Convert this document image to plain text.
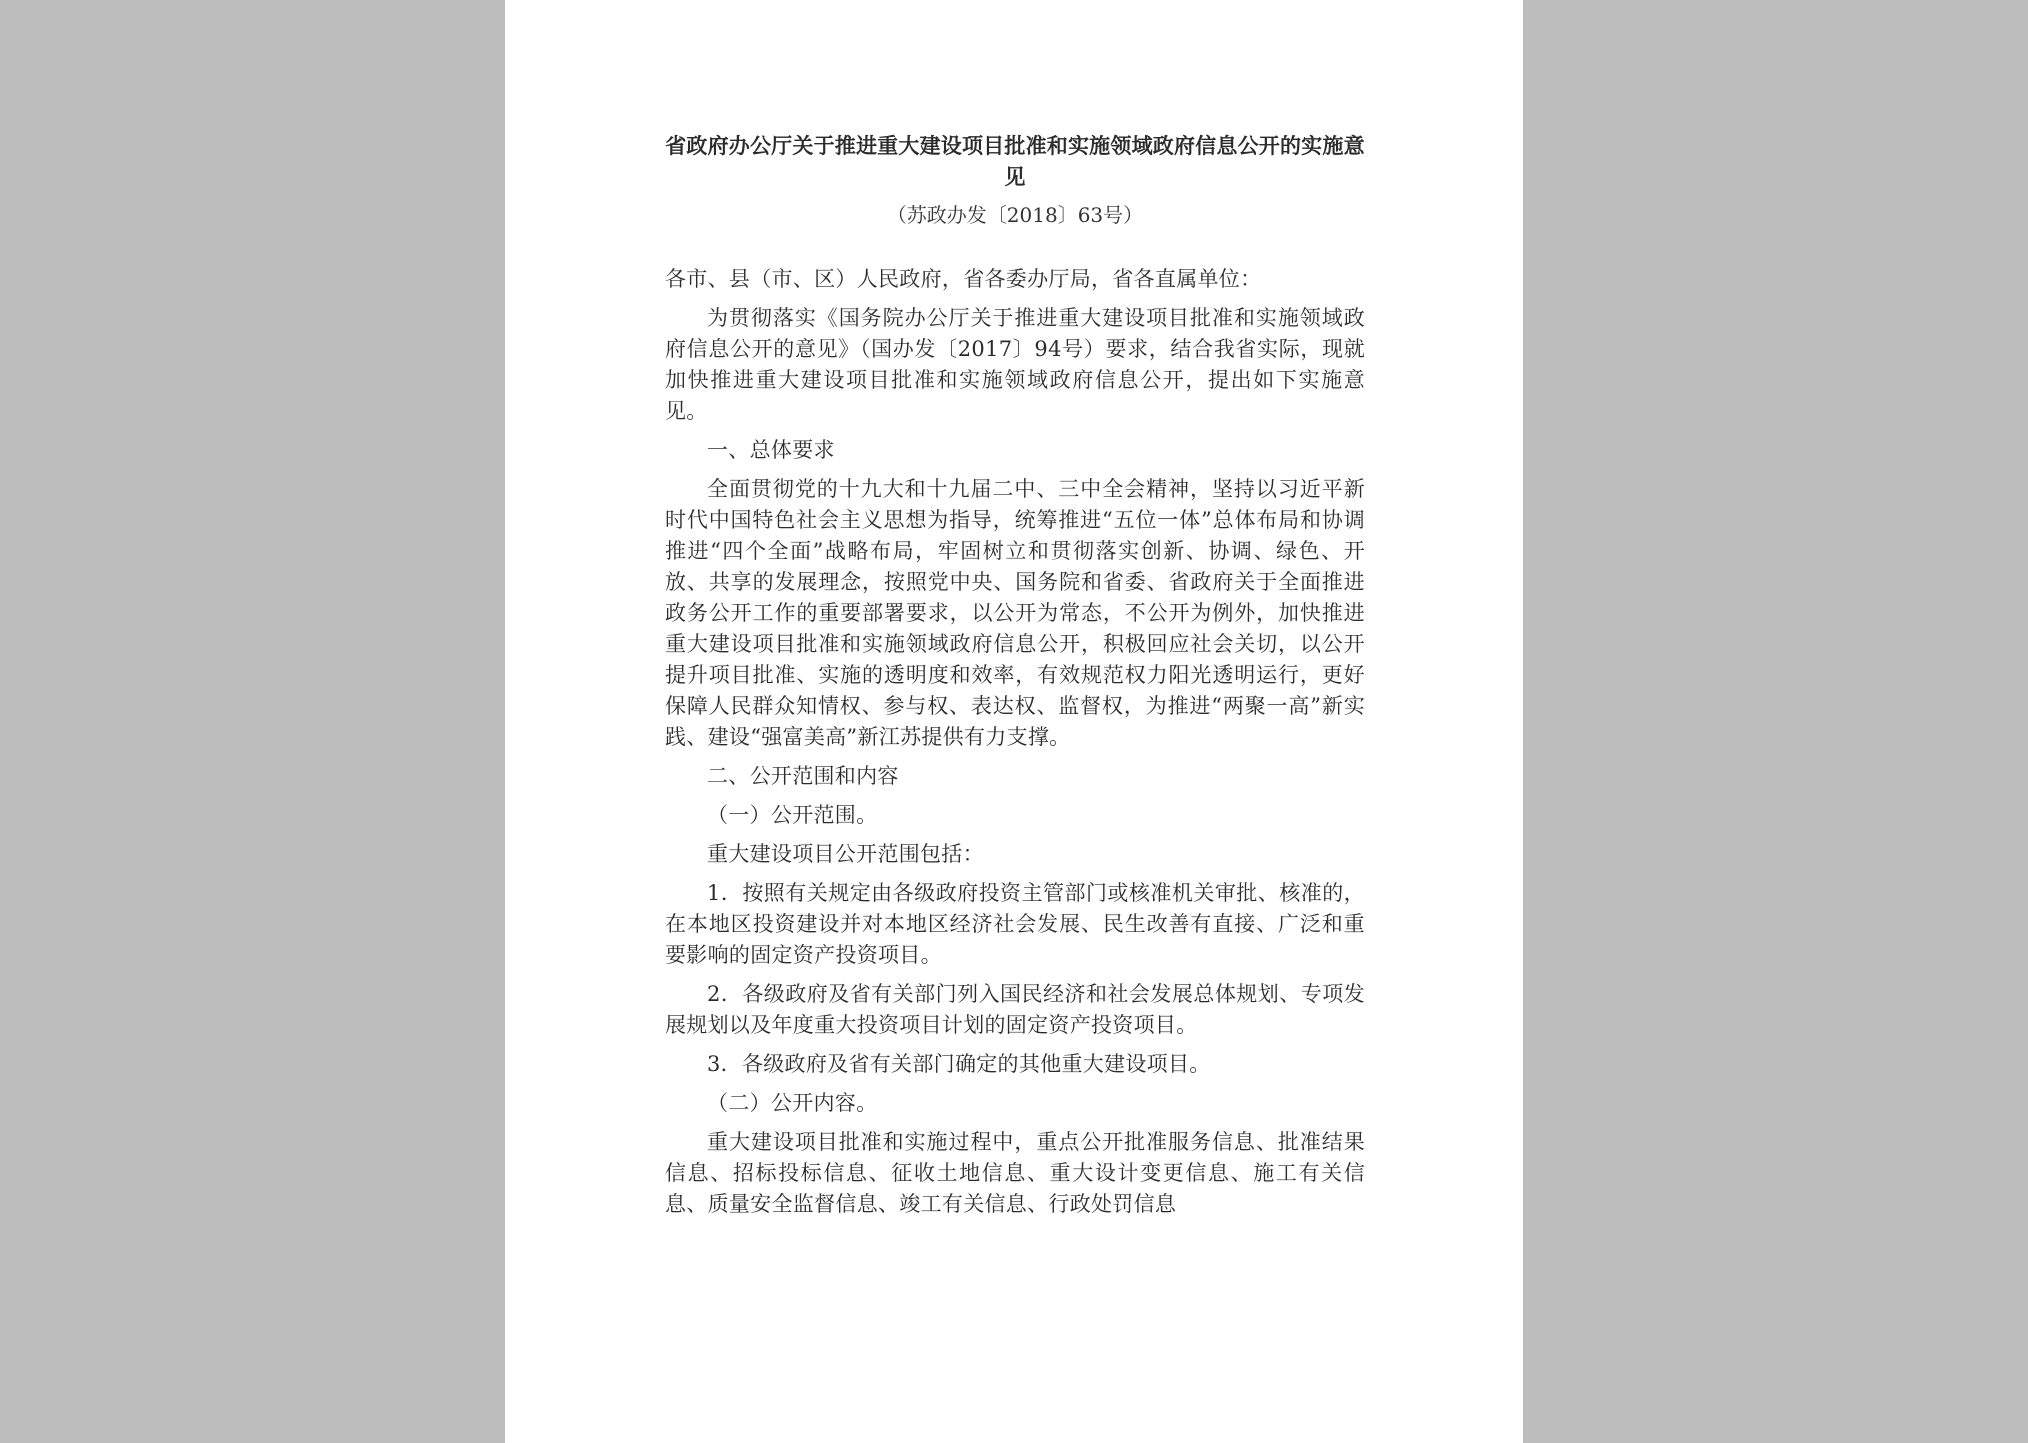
省政府办公厅关于推进重大建设项目批准和实施领域政府信息公开的实施意见
（苏政办发〔2018〕63号）
各市、县（市、区）人民政府，省各委办厅局，省各直属单位：
为贯彻落实《国务院办公厅关于推进重大建设项目批准和实施领域政府信息公开的意见》（国办发〔2017〕94号）要求，结合我省实际，现就加快推进重大建设项目批准和实施领域政府信息公开，提出如下实施意见。
一、总体要求
全面贯彻党的十九大和十九届二中、三中全会精神，坚持以习近平新时代中国特色社会主义思想为指导，统筹推进“五位一体”总体布局和协调推进“四个全面”战略布局，牢固树立和贯彻落实创新、协调、绿色、开放、共享的发展理念，按照党中央、国务院和省委、省政府关于全面推进政务公开工作的重要部署要求，以公开为常态，不公开为例外，加快推进重大建设项目批准和实施领域政府信息公开，积极回应社会关切，以公开提升项目批准、实施的透明度和效率，有效规范权力阳光透明运行，更好保障人民群众知情权、参与权、表达权、监督权，为推进“两聚一高”新实践、建设“强富美高”新江苏提供有力支撑。
二、公开范围和内容
（一）公开范围。
重大建设项目公开范围包括：
1．按照有关规定由各级政府投资主管部门或核准机关审批、核准的，在本地区投资建设并对本地区经济社会发展、民生改善有直接、广泛和重要影响的固定资产投资项目。
2．各级政府及省有关部门列入国民经济和社会发展总体规划、专项发展规划以及年度重大投资项目计划的固定资产投资项目。
3．各级政府及省有关部门确定的其他重大建设项目。
（二）公开内容。
重大建设项目批准和实施过程中，重点公开批准服务信息、批准结果信息、招标投标信息、征收土地信息、重大设计变更信息、施工有关信息、质量安全监督信息、竣工有关信息、行政处罚信息
